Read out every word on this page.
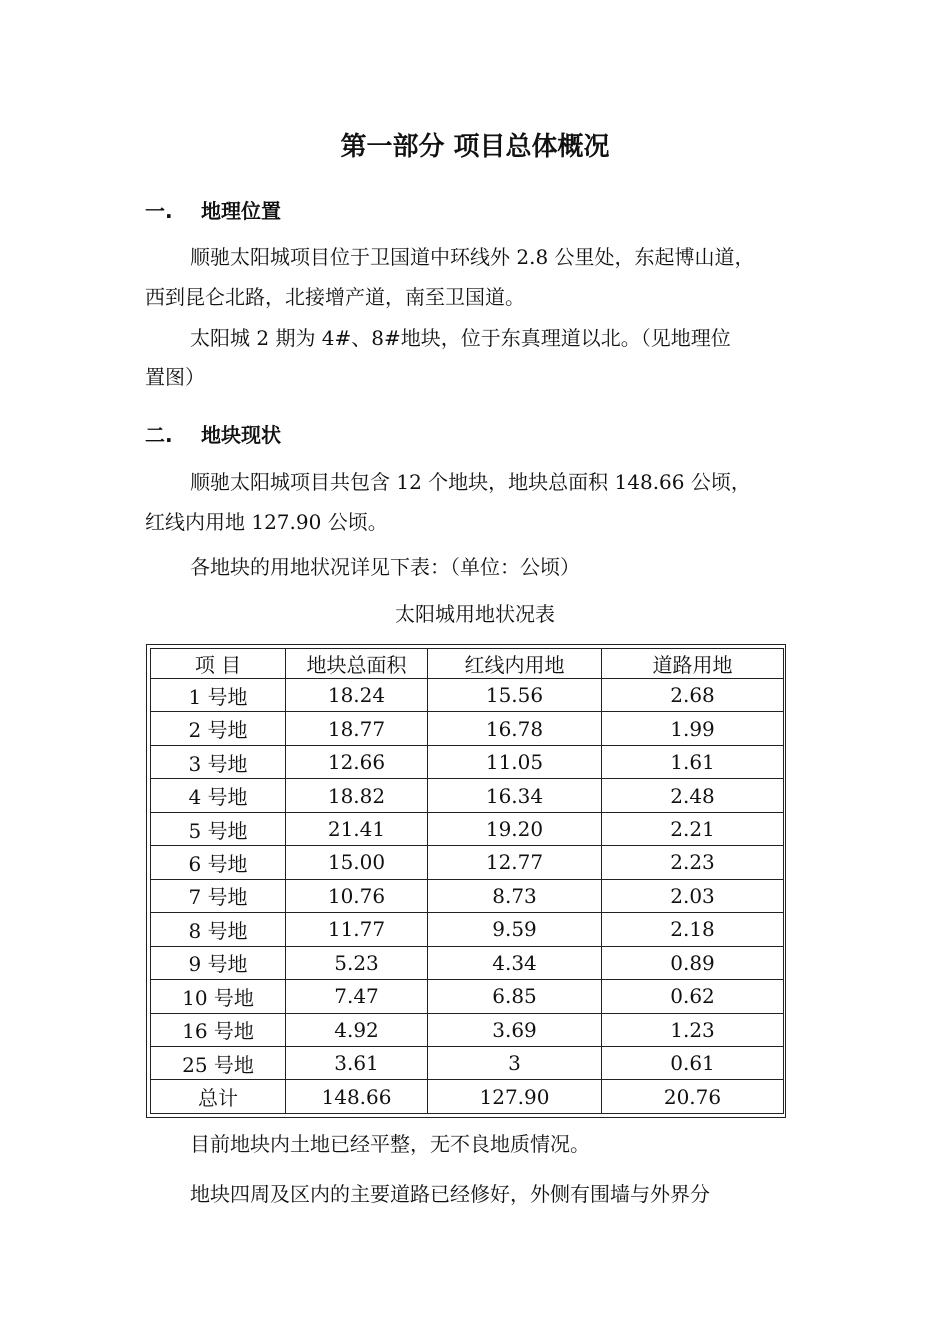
第一部分 项目总体概况
一. 地理位置
顺驰太阳城项目位于卫国道中环线外 2.8 公里处，东起博山道，
西到昆仑北路，北接增产道，南至卫国道。
太阳城 2 期为 4#、8#地块，位于东真理道以北。（见地理位
置图）
二. 地块现状
顺驰太阳城项目共包含 12 个地块，地块总面积 148.66 公顷，
红线内用地 127.90 公顷。
各地块的用地状况详见下表：（单位：公顷）
太阳城用地状况表
项 目	地块总面积	红线内用地	道路用地
1 号地	18.24	15.56	2.68
2 号地	18.77	16.78	1.99
3 号地	12.66	11.05	1.61
4 号地	18.82	16.34	2.48
5 号地	21.41	19.20	2.21
6 号地	15.00	12.77	2.23
7 号地	10.76	8.73	2.03
8 号地	11.77	9.59	2.18
9 号地	5.23	4.34	0.89
10 号地	7.47	6.85	0.62
16 号地	4.92	3.69	1.23
25 号地	3.61	3	0.61
总计	148.66	127.90	20.76
目前地块内土地已经平整，无不良地质情况。
地块四周及区内的主要道路已经修好，外侧有围墙与外界分
